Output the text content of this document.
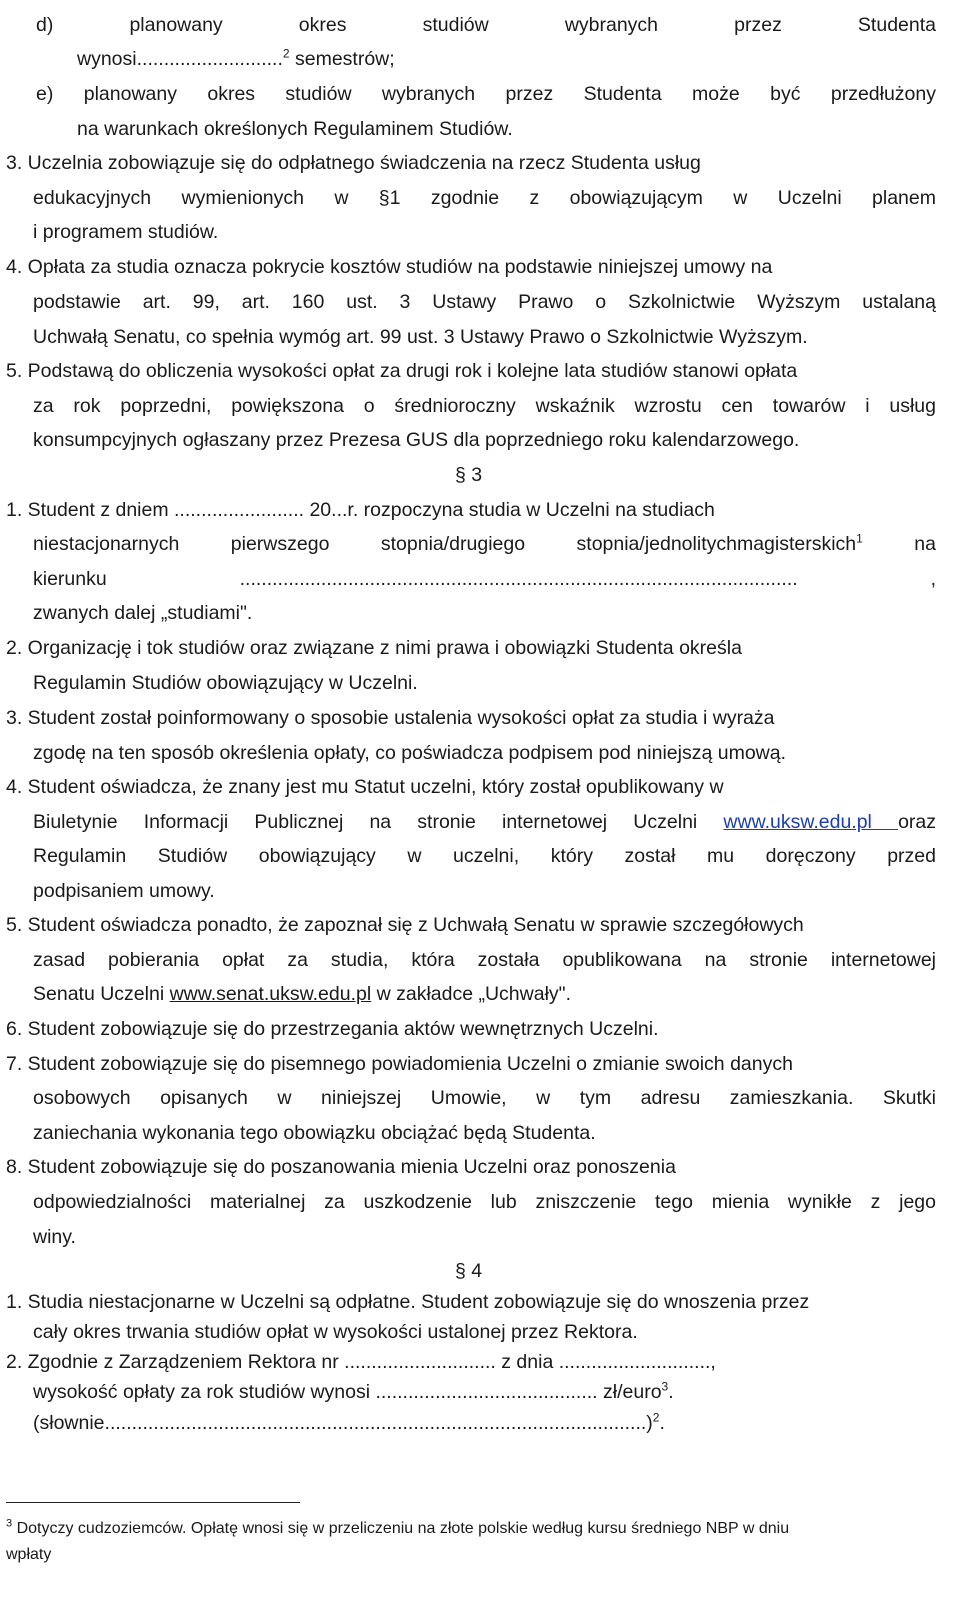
d) planowany okres studiów wybranych przez Studenta
wynosi...........................$^2$ semestrów;
e) planowany okres studiów wybranych przez Studenta może być przedłużony
na warunkach określonych Regulaminem Studiów.
3. Uczelnia zobowiązuje się do odpłatnego świadczenia na rzecz Studenta usług
edukacyjnych wymienionych w §1 zgodnie z obowiązującym w Uczelni planem
i programem studiów.
4. Opłata za studia oznacza pokrycie kosztów studiów na podstawie niniejszej umowy na
podstawie art. 99, art. 160 ust. 3 Ustawy Prawo o Szkolnictwie Wyższym ustalaną
Uchwałą Senatu, co spełnia wymóg art. 99 ust. 3 Ustawy Prawo o Szkolnictwie Wyższym.
5. Podstawą do obliczenia wysokości opłat za drugi rok i kolejne lata studiów stanowi opłata
za rok poprzedni, powiększona o średnioroczny wskaźnik wzrostu cen towarów i usług
konsumpcyjnych ogłaszany przez Prezesa GUS dla poprzedniego roku kalendarzowego.
§ 3
1. Student z dniem ........................ 20...r. rozpoczyna studia w Uczelni na studiach
niestacjonarnych pierwszego stopnia/drugiego stopnia/jednolitychmagisterskich$^1$ na
kierunku ....................................................................................................... ,
zwanych dalej „studiami".
2. Organizację i tok studiów oraz związane z nimi prawa i obowiązki Studenta określa
Regulamin Studiów obowiązujący w Uczelni.
3. Student został poinformowany o sposobie ustalenia wysokości opłat za studia i wyraża
zgodę na ten sposób określenia opłaty, co poświadcza podpisem pod niniejszą umową.
4. Student oświadcza, że znany jest mu Statut uczelni, który został opublikowany w
Biuletynie Informacji Publicznej na stronie internetowej Uczelni www.uksw.edu.pl oraz
Regulamin Studiów obowiązujący w uczelni, który został mu doręczony przed
podpisaniem umowy.
5. Student oświadcza ponadto, że zapoznał się z Uchwałą Senatu w sprawie szczegółowych
zasad pobierania opłat za studia, która została opublikowana na stronie internetowej
Senatu Uczelni www.senat.uksw.edu.pl w zakładce „Uchwały".
6. Student zobowiązuje się do przestrzegania aktów wewnętrznych Uczelni.
7. Student zobowiązuje się do pisemnego powiadomienia Uczelni o zmianie swoich danych
osobowych opisanych w niniejszej Umowie, w tym adresu zamieszkania. Skutki
zaniechania wykonania tego obowiązku obciążać będą Studenta.
8. Student zobowiązuje się do poszanowania mienia Uczelni oraz ponoszenia
odpowiedzialności materialnej za uszkodzenie lub zniszczenie tego mienia wynikłe z jego
winy.
§ 4
1. Studia niestacjonarne w Uczelni są odpłatne. Student zobowiązuje się do wnoszenia przez
cały okres trwania studiów opłat w wysokości ustalonej przez Rektora.
2. Zgodnie z Zarządzeniem Rektora nr ............................ z dnia ............................,
wysokość opłaty za rok studiów wynosi ......................................... zł/euro$^3$.
(słownie....................................................................................................)$^2$.
$^3$ Dotyczy cudzoziemców. Opłatę wnosi się w przeliczeniu na złote polskie według kursu średniego NBP w dniu
wpłaty
